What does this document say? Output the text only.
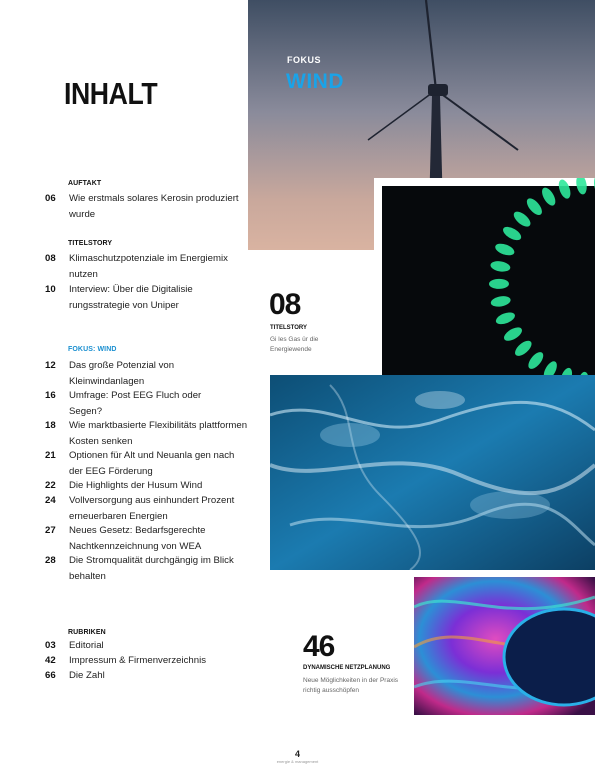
INHALT
AUFTAKT
06 Wie erstmals solares Kerosin produziert wurde
TITELSTORY
08 Klimaschutzpotenziale im Energiemix nutzen
10 Interview: Über die Digitalisie rungsstrategie von Uniper
FOKUS: WIND
12 Das große Potenzial von Kleinwindanlagen
16 Umfrage: Post EEG Fluch oder Segen?
18 Wie marktbasierte Flexibilitäts plattformen Kosten senken
21 Optionen für Alt und Neuanla gen nach der EEG Förderung
22 Die Highlights der Husum Wind
24 Vollversorgung aus einhundert Prozent erneuerbaren Energien
27 Neues Gesetz: Bedarfsgerechte Nachtkennzeichnung von WEA
28 Die Stromqualität durchgängig im Blick behalten
RUBRIKEN
03 Editorial
42 Impressum & Firmenverzeichnis
66 Die Zahl
FOKUS
WIND
08
TITELSTORY
Gi les Gas ür die Energiewende
46
DYNAMISCHE NETZPLANUNG
Neue Möglichkeiten in der Praxis
richtig ausschöpfen
4
energie & management
